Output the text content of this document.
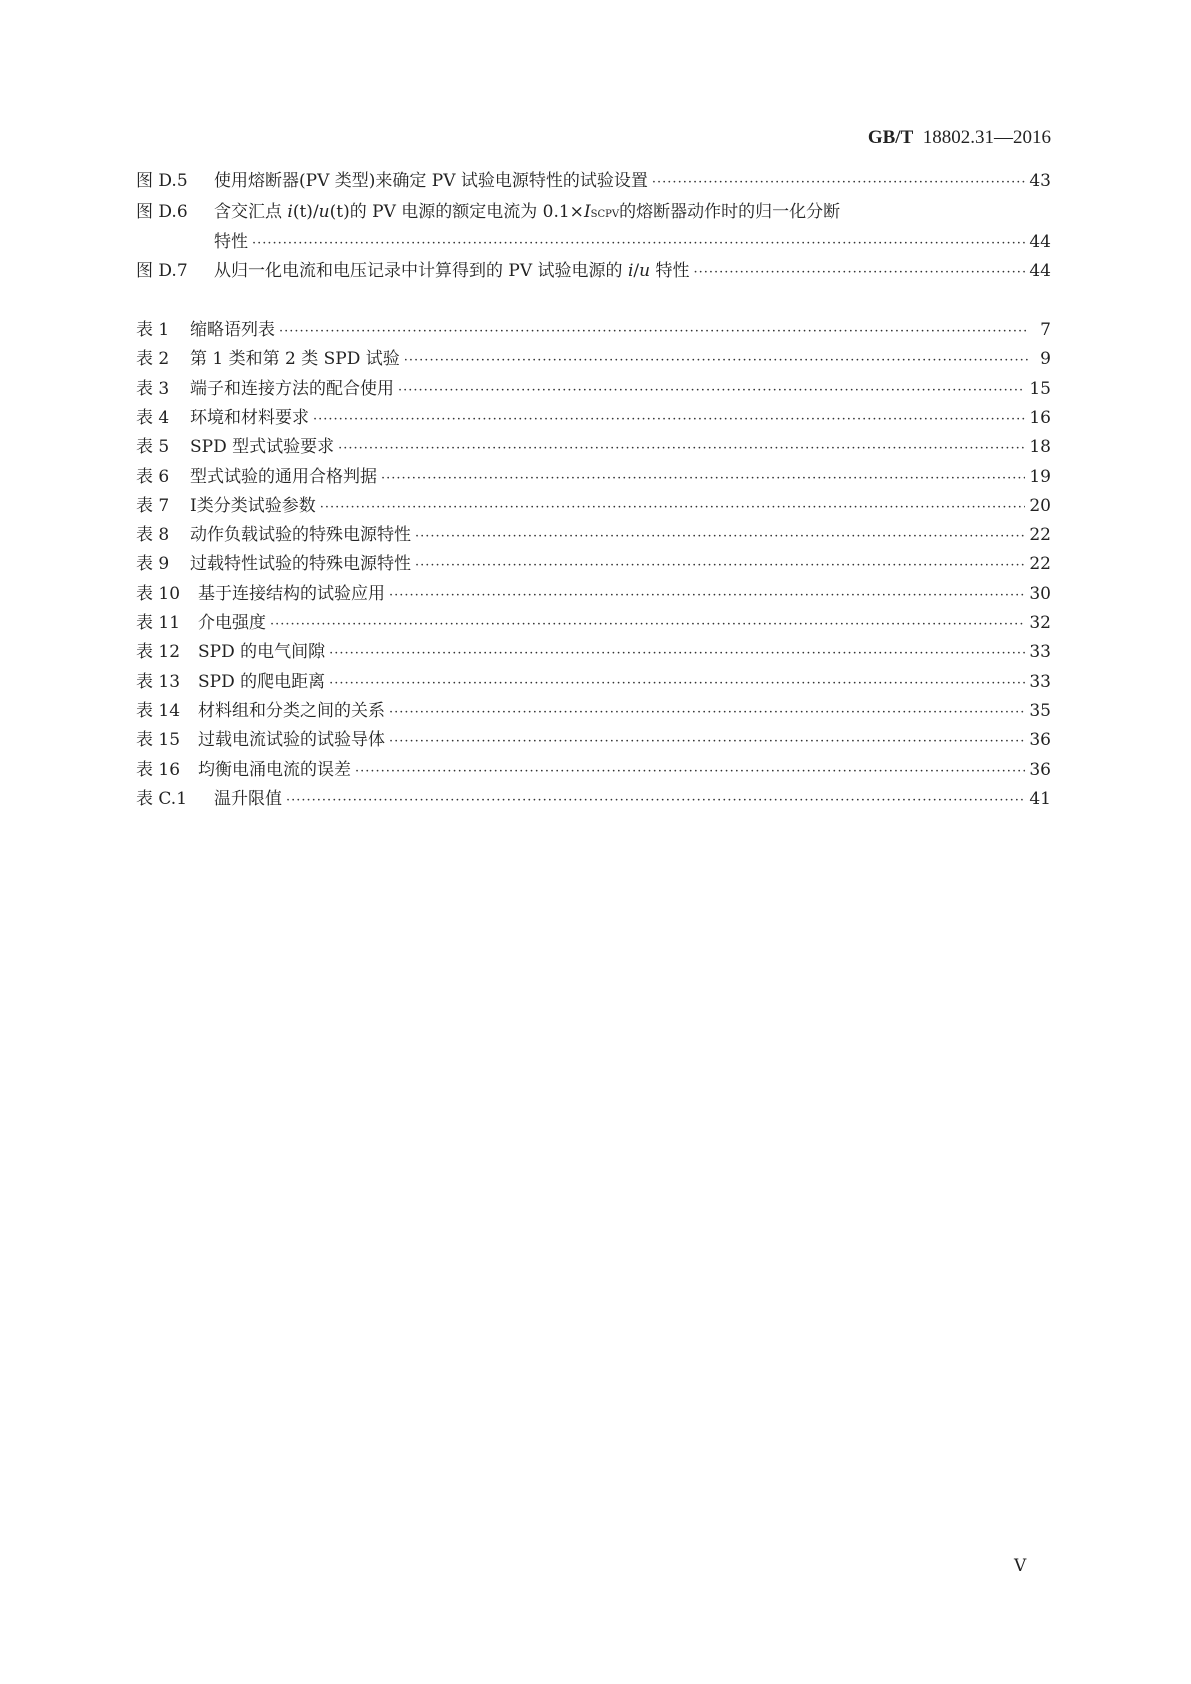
GB/T 18802.31—2016
图 D.5	使用熔断器(PV 类型)来确定 PV 试验电源特性的试验设置 ·····	43
图 D.6	含交汇点 i(t)/u(t)的 PV 电源的额定电流为 0.1×ISCPV的熔断器动作时的归一化分断
特性 ·····	44
图 D.7	从归一化电流和电压记录中计算得到的 PV 试验电源的 i/u 特性 ·····	44
表 1	缩略语列表 ·····	7
表 2	第 1 类和第 2 类 SPD 试验 ·····	9
表 3	端子和连接方法的配合使用 ·····	15
表 4	环境和材料要求 ·····	16
表 5	SPD 型式试验要求 ·····	18
表 6	型式试验的通用合格判据 ·····	19
表 7	Ⅰ类分类试验参数 ·····	20
表 8	动作负载试验的特殊电源特性 ·····	22
表 9	过载特性试验的特殊电源特性 ·····	22
表 10	基于连接结构的试验应用 ·····	30
表 11	介电强度 ·····	32
表 12	SPD 的电气间隙 ·····	33
表 13	SPD 的爬电距离 ·····	33
表 14	材料组和分类之间的关系 ·····	35
表 15	过载电流试验的试验导体 ·····	36
表 16	均衡电涌电流的误差 ·····	36
表 C.1	温升限值 ·····	41
V
